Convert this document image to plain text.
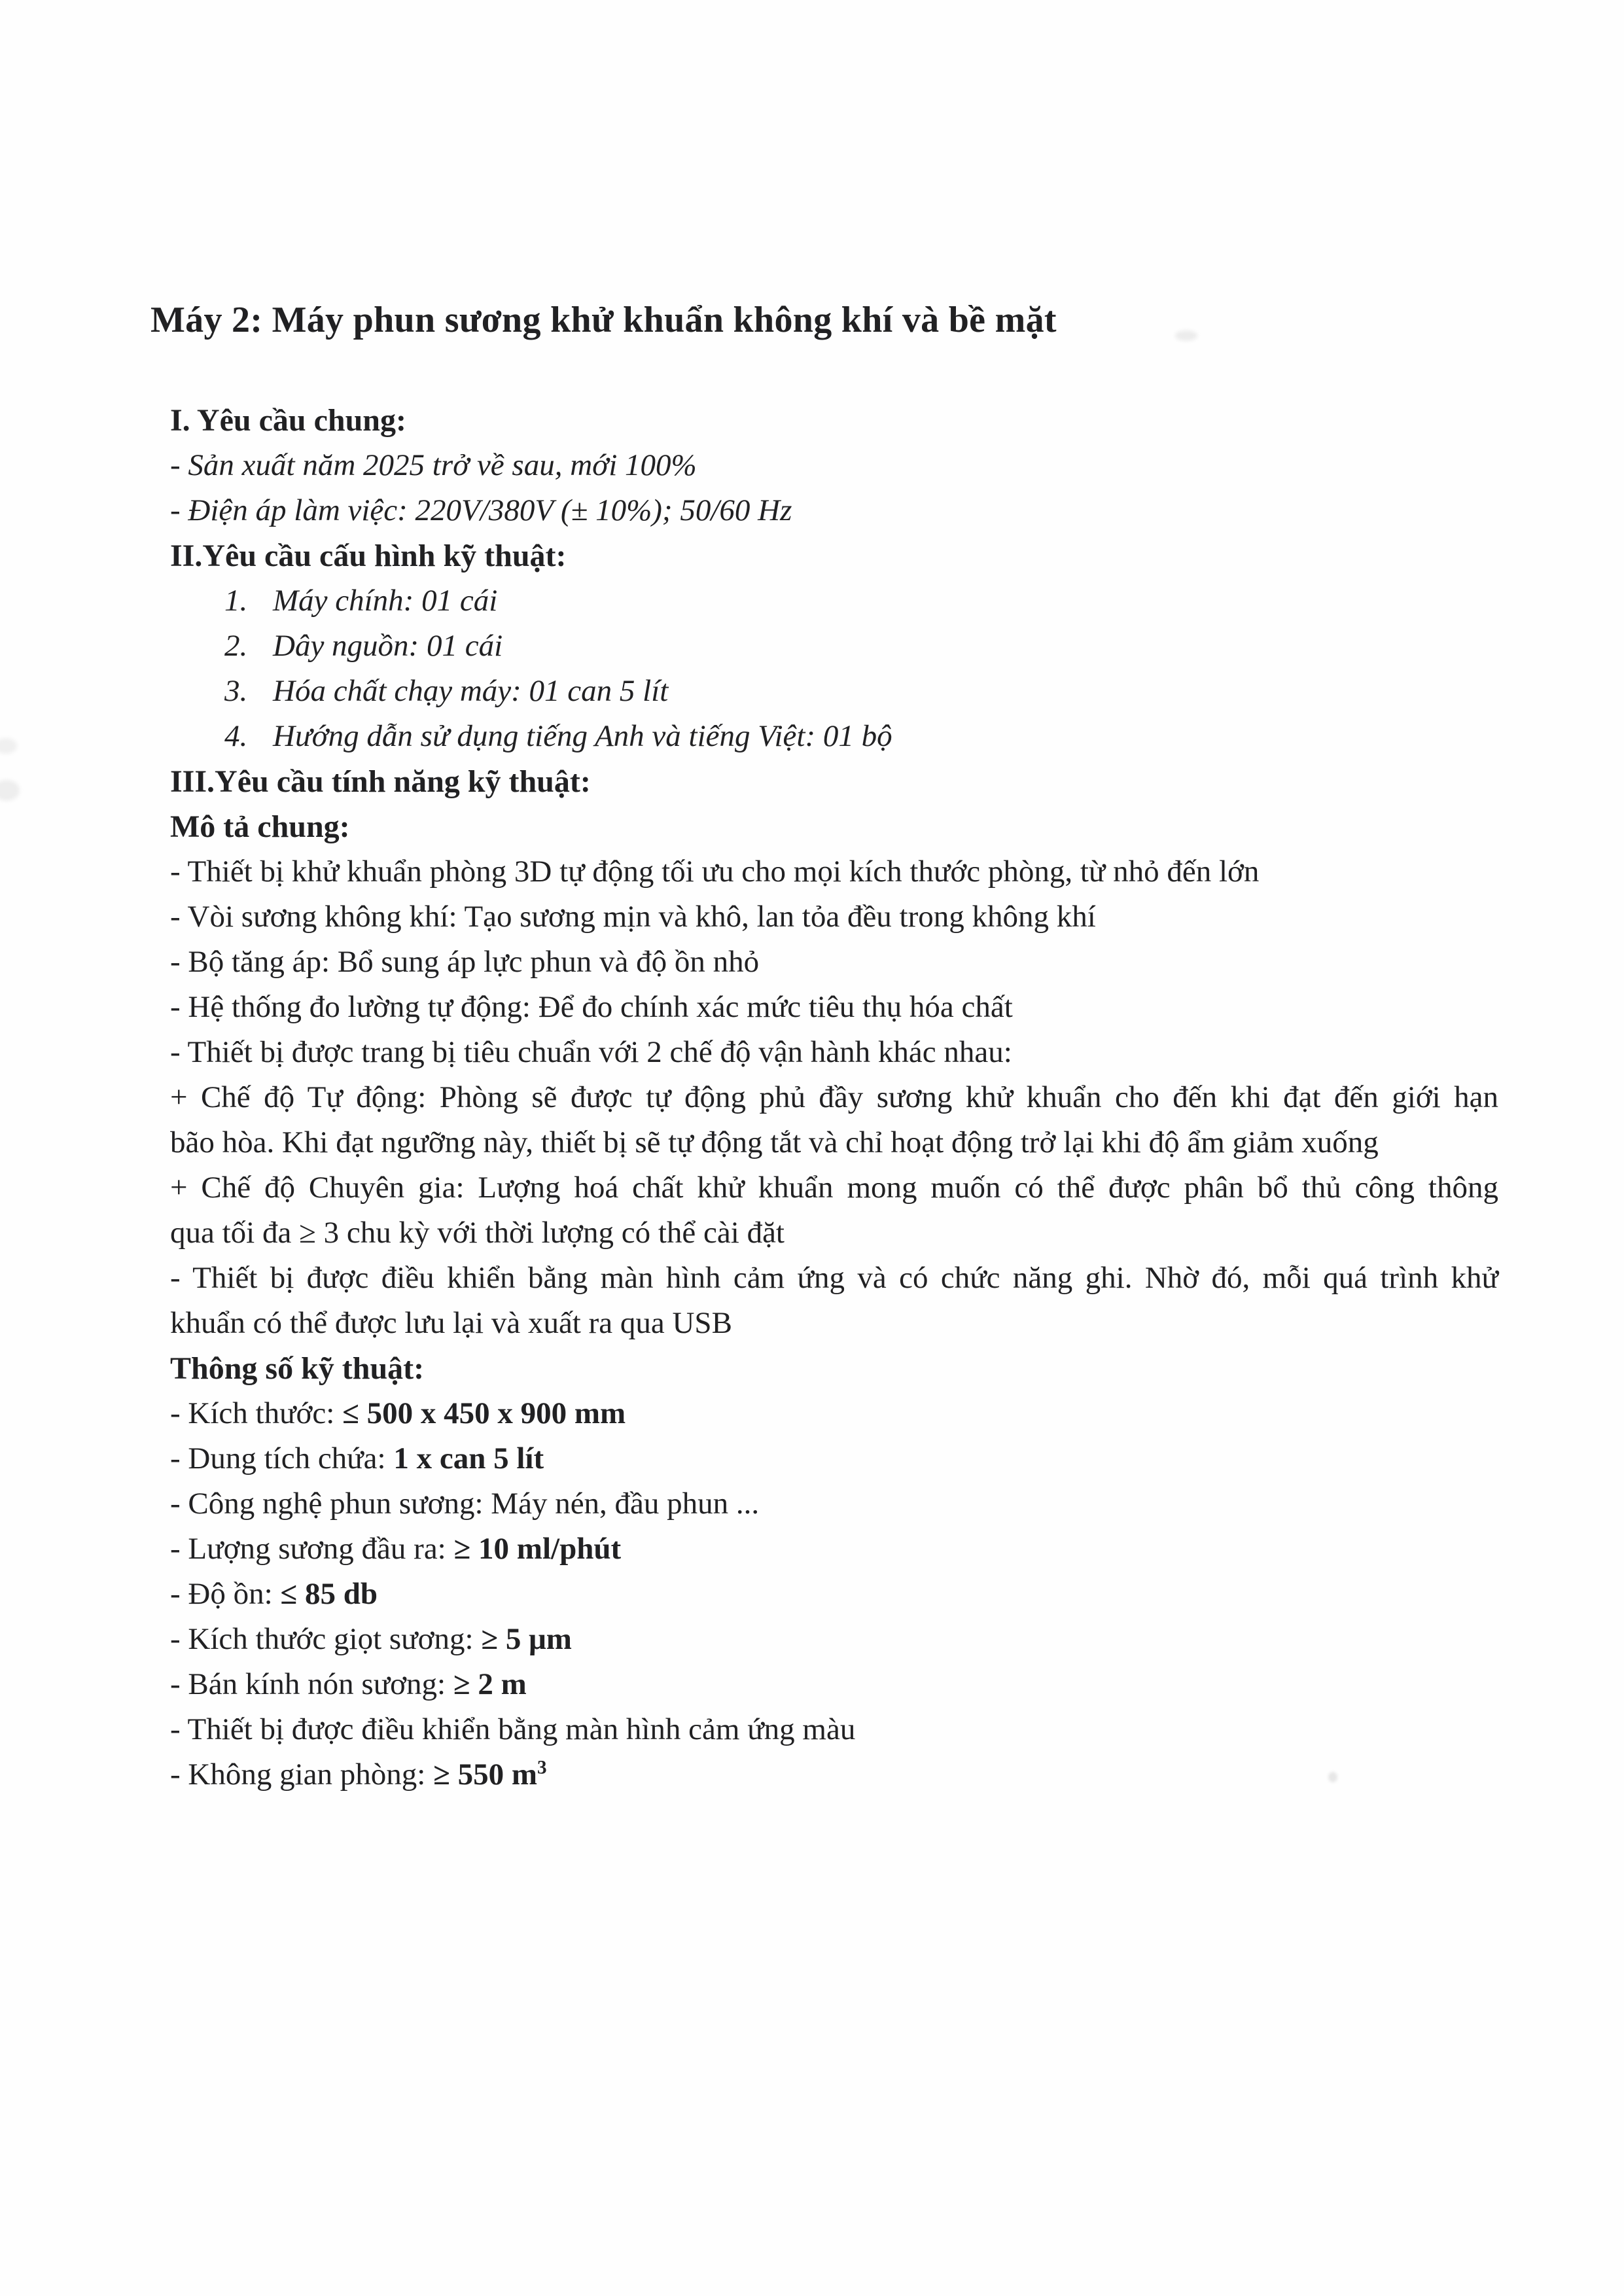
Máy 2: Máy phun sương khử khuẩn không khí và bề mặt
I. Yêu cầu chung:
- Sản xuất năm 2025 trở về sau, mới 100%
- Điện áp làm việc: 220V/380V (± 10%); 50/60 Hz
II.Yêu cầu cấu hình kỹ thuật:
1. Máy chính: 01 cái
2. Dây nguồn: 01 cái
3. Hóa chất chạy máy: 01 can 5 lít
4. Hướng dẫn sử dụng tiếng Anh và tiếng Việt: 01 bộ
III.Yêu cầu tính năng kỹ thuật:
Mô tả chung:
- Thiết bị khử khuẩn phòng 3D tự động tối ưu cho mọi kích thước phòng, từ nhỏ đến lớn
- Vòi sương không khí: Tạo sương mịn và khô, lan tỏa đều trong không khí
- Bộ tăng áp: Bổ sung áp lực phun và độ ồn nhỏ
- Hệ thống đo lường tự động: Để đo chính xác mức tiêu thụ hóa chất
- Thiết bị được trang bị tiêu chuẩn với 2 chế độ vận hành khác nhau:
+ Chế độ Tự động: Phòng sẽ được tự động phủ đầy sương khử khuẩn cho đến khi đạt đến giới hạn
bão hòa. Khi đạt ngưỡng này, thiết bị sẽ tự động tắt và chỉ hoạt động trở lại khi độ ẩm giảm xuống
+ Chế độ Chuyên gia: Lượng hoá chất khử khuẩn mong muốn có thể được phân bổ thủ công thông
qua tối đa ≥ 3 chu kỳ với thời lượng có thể cài đặt
- Thiết bị được điều khiển bằng màn hình cảm ứng và có chức năng ghi. Nhờ đó, mỗi quá trình khử
khuẩn có thể được lưu lại và xuất ra qua USB
Thông số kỹ thuật:
- Kích thước: ≤ 500 x 450 x 900 mm
- Dung tích chứa: 1 x can 5 lít
- Công nghệ phun sương: Máy nén, đầu phun ...
- Lượng sương đầu ra: ≥ 10 ml/phút
- Độ ồn: ≤ 85 db
- Kích thước giọt sương: ≥ 5 μm
- Bán kính nón sương: ≥ 2 m
- Thiết bị được điều khiển bằng màn hình cảm ứng màu
- Không gian phòng: ≥ 550 $m^3$
